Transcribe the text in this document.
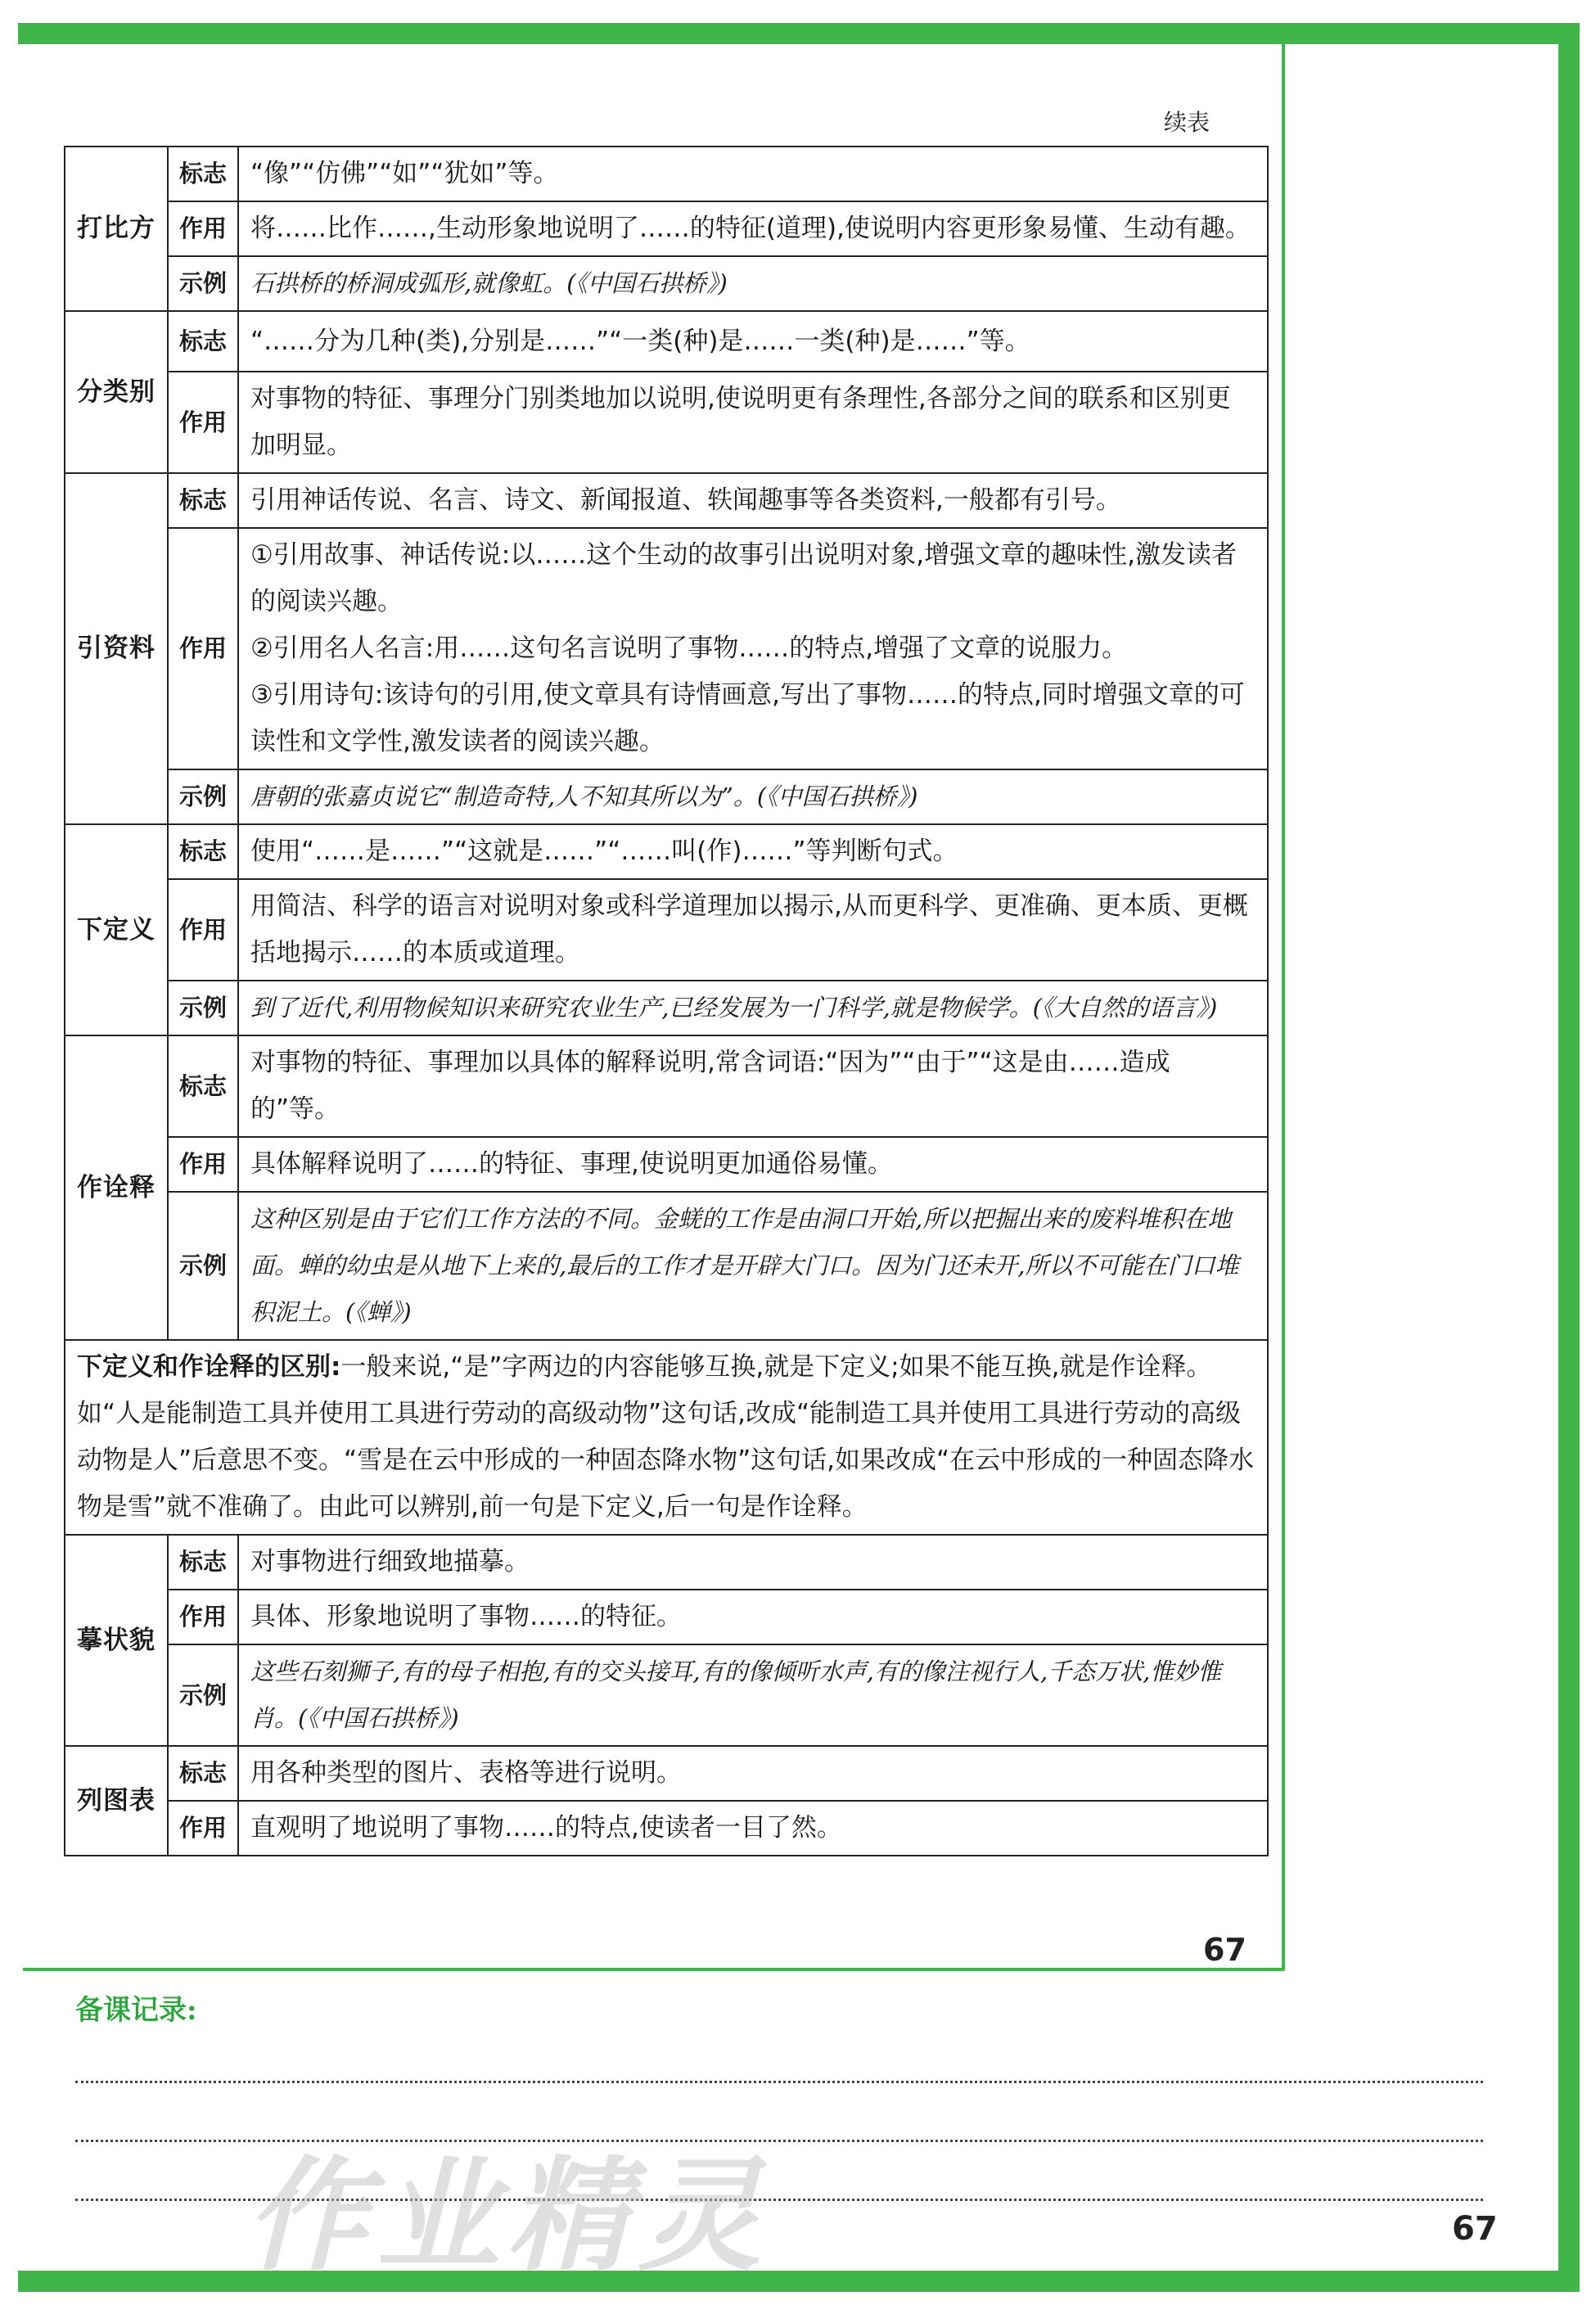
续表
打比方	标志	“像”“仿佛”“如”“犹如”等。
	作用	将……比作……,生动形象地说明了……的特征(道理),使说明内容更形象易懂、生动有趣。
	示例	石拱桥的桥洞成弧形,就像虹。(《中国石拱桥》)
分类别	标志	“……分为几种(类),分别是……”“一类(种)是……一类(种)是……”等。
	作用	对事物的特征、事理分门别类地加以说明,使说明更有条理性,各部分之间的联系和区别更加明显。
引资料	标志	引用神话传说、名言、诗文、新闻报道、轶闻趣事等各类资料,一般都有引号。
	作用	①引用故事、神话传说:以……这个生动的故事引出说明对象,增强文章的趣味性,激发读者的阅读兴趣。
②引用名人名言:用……这句名言说明了事物……的特点,增强了文章的说服力。
③引用诗句:该诗句的引用,使文章具有诗情画意,写出了事物……的特点,同时增强文章的可读性和文学性,激发读者的阅读兴趣。

	示例	唐朝的张嘉贞说它“制造奇特,人不知其所以为”。(《中国石拱桥》)
下定义	标志	使用“……是……”“这就是……”“……叫(作)……”等判断句式。
	作用	用简洁、科学的语言对说明对象或科学道理加以揭示,从而更科学、更准确、更本质、更概括地揭示……的本质或道理。
	示例	到了近代,利用物候知识来研究农业生产,已经发展为一门科学,就是物候学。(《大自然的语言》)
作诠释	标志	对事物的特征、事理加以具体的解释说明,常含词语:“因为”“由于”“这是由……造成的”等。
	作用	具体解释说明了……的特征、事理,使说明更加通俗易懂。
	示例	这种区别是由于它们工作方法的不同。金蜣的工作是由洞口开始,所以把掘出来的废料堆积在地面。蝉的幼虫是从地下上来的,最后的工作才是开辟大门口。因为门还未开,所以不可能在门口堆积泥土。(《蝉》)
下定义和作诠释的区别:一般来说,“是”字两边的内容能够互换,就是下定义;如果不能互换,就是作诠释。如“人是能制造工具并使用工具进行劳动的高级动物”这句话,改成“能制造工具并使用工具进行劳动的高级动物是人”后意思不变。“雪是在云中形成的一种固态降水物”这句话,如果改成“在云中形成的一种固态降水物是雪”就不准确了。由此可以辨别,前一句是下定义,后一句是作诠释。		
摹状貌	标志	对事物进行细致地描摹。
	作用	具体、形象地说明了事物……的特征。
	示例	这些石刻狮子,有的母子相抱,有的交头接耳,有的像倾听水声,有的像注视行人,千态万状,惟妙惟肖。(《中国石拱桥》)
列图表	标志	用各种类型的图片、表格等进行说明。
	作用	直观明了地说明了事物……的特点,使读者一目了然。
67
备课记录:
作业精灵	67
